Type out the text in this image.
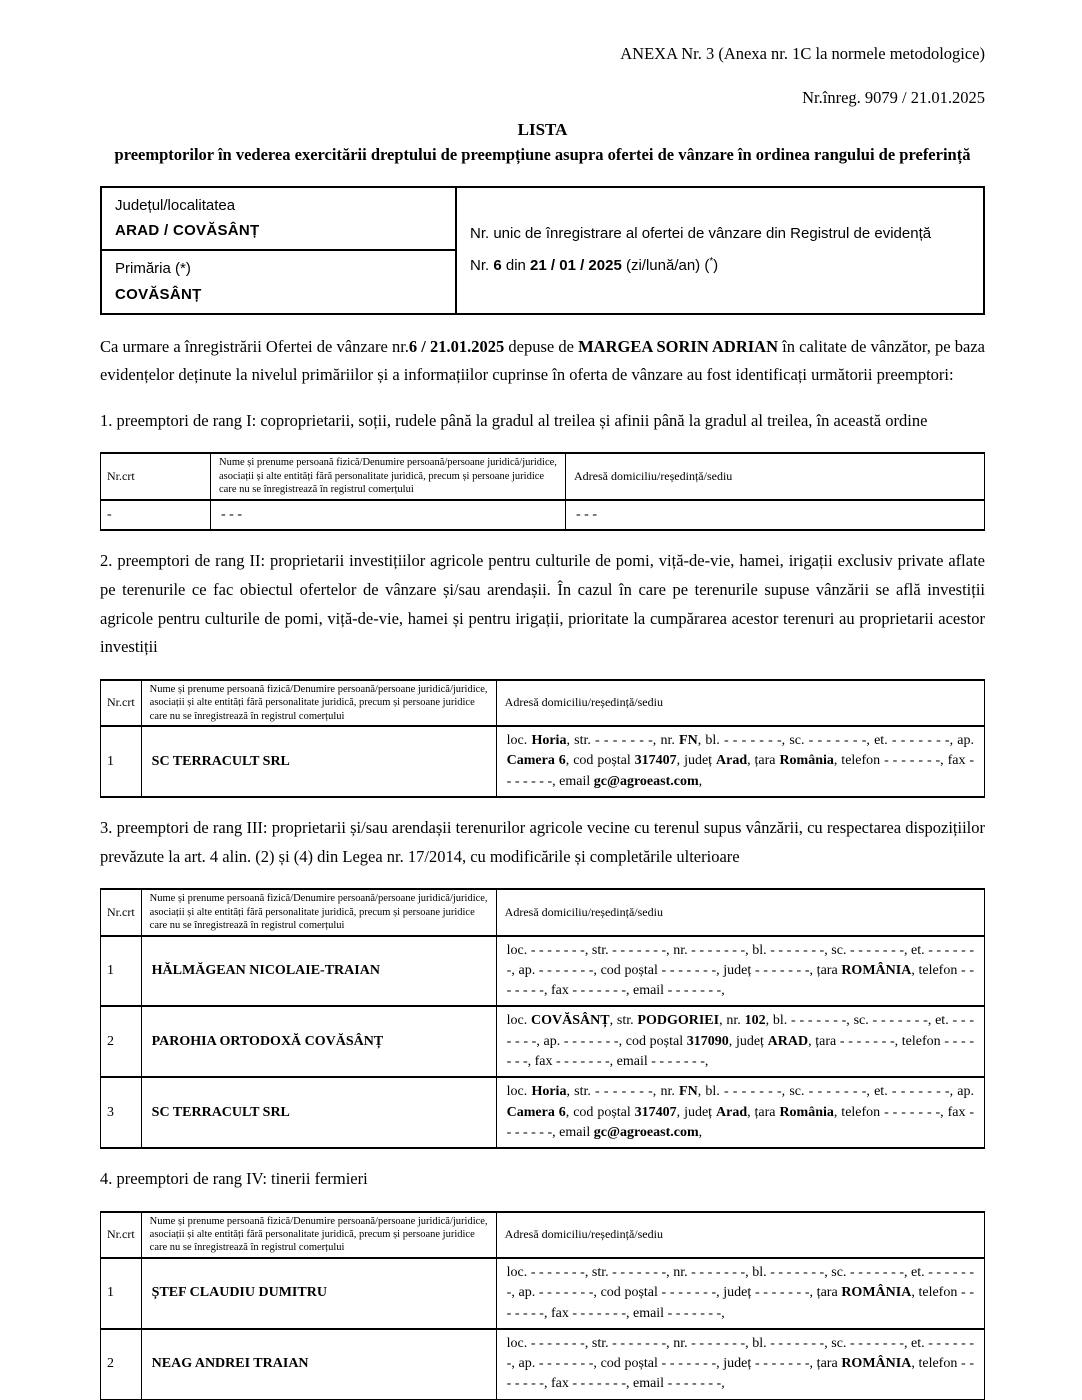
ANEXA Nr. 3 (Anexa nr. 1C la normele metodologice)
Nr.înreg. 9079 / 21.01.2025
LISTA
preemptorilor în vederea exercitării dreptului de preempțiune asupra ofertei de vânzare în ordinea rangului de preferință
Județul/localitatea
ARAD / COVĂSÂNȚ	Nr. unic de înregistrare al ofertei de vânzare din Registrul de evidență
Nr. 6 din 21 / 01 / 2025 (zi/lună/an) (*)

Primăria (*)
COVĂSÂNȚ

Ca urmare a înregistrării Ofertei de vânzare nr.6 / 21.01.2025 depuse de MARGEA SORIN ADRIAN în calitate de vânzător, pe baza evidențelor deținute la nivelul primăriilor și a informațiilor cuprinse în oferta de vânzare au fost identificați următorii preemptori:

1. preemptori de rang I: coproprietarii, soții, rudele până la gradul al treilea și afinii până la gradul al treilea, în această ordine

Nr.crt	Nume și prenume persoană fizică/Denumire persoană/persoane juridică/juridice, asociații și alte entități fără personalitate juridică, precum și persoane juridice care nu se înregistrează în registrul comerțului	Adresă domiciliu/reședință/sediu
-	- - -	- - -

2. preemptori de rang II: proprietarii investițiilor agricole pentru culturile de pomi, viță-de-vie, hamei, irigații exclusiv private aflate pe terenurile ce fac obiectul ofertelor de vânzare și/sau arendașii. În cazul în care pe terenurile supuse vânzării se află investiții agricole pentru culturile de pomi, viță-de-vie, hamei și pentru irigații, prioritate la cumpărarea acestor terenuri au proprietarii acestor investiții

Nr.crt	Nume și prenume persoană fizică/Denumire persoană/persoane juridică/juridice, asociații și alte entități fără personalitate juridică, precum și persoane juridice care nu se înregistrează în registrul comerțului	Adresă domiciliu/reședință/sediu
1	SC TERRACULT SRL	loc. Horia, str. - - - - - - -, nr. FN, bl. - - - - - - -, sc. - - - - - - -, et. - - - - - - -, ap. Camera 6, cod poștal 317407, județ Arad, țara România, telefon - - - - - - -, fax - - - - - - -, email gc@agroeast.com,

3. preemptori de rang III: proprietarii și/sau arendașii terenurilor agricole vecine cu terenul supus vânzării, cu respectarea dispozițiilor prevăzute la art. 4 alin. (2) și (4) din Legea nr. 17/2014, cu modificările și completările ulterioare

Nr.crt	Nume și prenume persoană fizică/Denumire persoană/persoane juridică/juridice, asociații și alte entități fără personalitate juridică, precum și persoane juridice care nu se înregistrează în registrul comerțului	Adresă domiciliu/reședință/sediu
1	HĂLMĂGEAN NICOLAIE-TRAIAN	loc. - - - - - - -, str. - - - - - - -, nr. - - - - - - -, bl. - - - - - - -, sc. - - - - - - -, et. - - - - - - -, ap. - - - - - - -, cod poștal - - - - - - -, județ - - - - - - -, țara ROMÂNIA, telefon - - - - - - -, fax - - - - - - -, email - - - - - - -,
2	PAROHIA ORTODOXĂ COVĂSÂNȚ	loc. COVĂSÂNȚ, str. PODGORIEI, nr. 102, bl. - - - - - - -, sc. - - - - - - -, et. - - - - - - -, ap. - - - - - - -, cod poștal 317090, județ ARAD, țara - - - - - - -, telefon - - - - - - -, fax - - - - - - -, email - - - - - - -,
3	SC TERRACULT SRL	loc. Horia, str. - - - - - - -, nr. FN, bl. - - - - - - -, sc. - - - - - - -, et. - - - - - - -, ap. Camera 6, cod poștal 317407, județ Arad, țara România, telefon - - - - - - -, fax - - - - - - -, email gc@agroeast.com,

4. preemptori de rang IV: tinerii fermieri

Nr.crt	Nume și prenume persoană fizică/Denumire persoană/persoane juridică/juridice, asociații și alte entități fără personalitate juridică, precum și persoane juridice care nu se înregistrează în registrul comerțului	Adresă domiciliu/reședință/sediu
1	ȘTEF CLAUDIU DUMITRU	loc. - - - - - - -, str. - - - - - - -, nr. - - - - - - -, bl. - - - - - - -, sc. - - - - - - -, et. - - - - - - -, ap. - - - - - - -, cod poștal - - - - - - -, județ - - - - - - -, țara ROMÂNIA, telefon - - - - - - -, fax - - - - - - -, email - - - - - - -,
2	NEAG ANDREI TRAIAN	loc. - - - - - - -, str. - - - - - - -, nr. - - - - - - -, bl. - - - - - - -, sc. - - - - - - -, et. - - - - - - -, ap. - - - - - - -, cod poștal - - - - - - -, județ - - - - - - -, țara ROMÂNIA, telefon - - - - - - -, fax - - - - - - -, email - - - - - - -,
